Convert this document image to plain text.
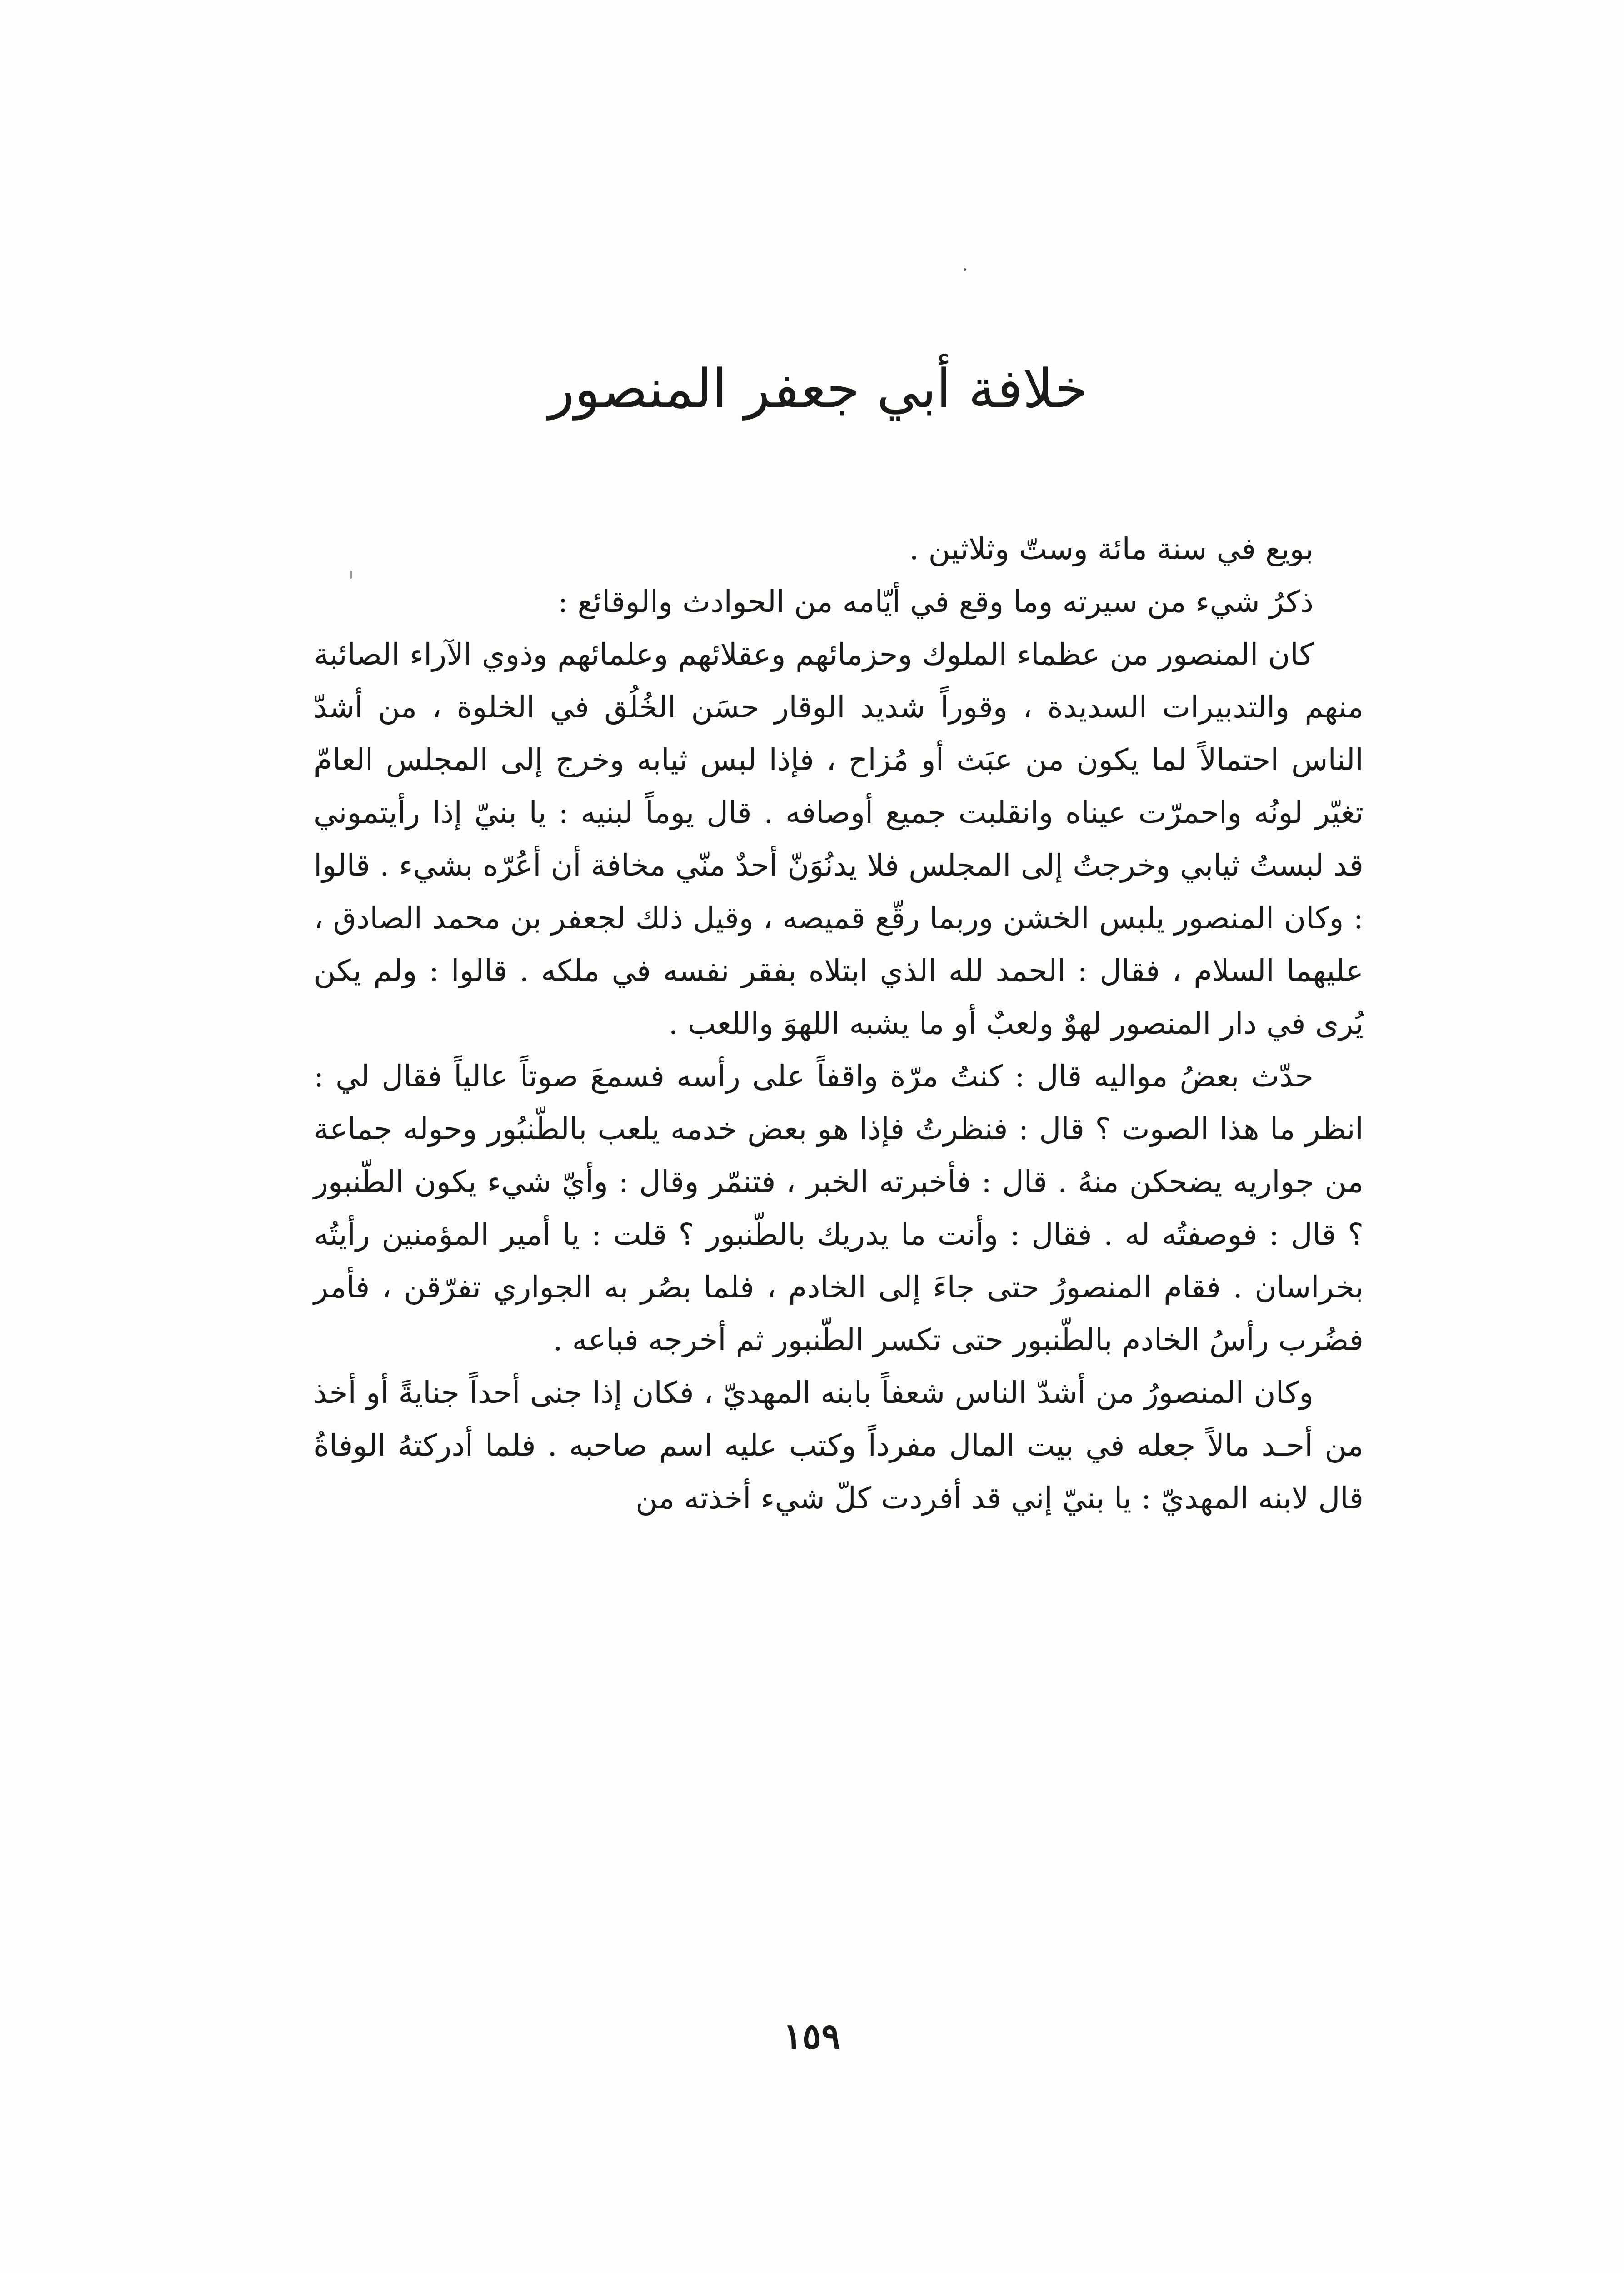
خلافة أبي جعفر المنصور

بويع في سنة مائة وستّ وثلاثين .

ذكرُ شيء من سيرته وما وقع في أيّامه من الحوادث والوقائع :

كان المنصور من عظماء الملوك وحزمائهم وعقلائهم وعلمائهم وذوي الآراء الصائبة منهم والتدبيرات السديدة ، وقوراً شديد الوقار حسَن الخُلُق في الخلوة ، من أشدّ الناس احتمالاً لما يكون من عبَث أو مُزاح ، فإذا لبس ثيابه وخرج إلى المجلس العامّ تغيّر لونُه واحمرّت عيناه وانقلبت جميع أوصافه . قال يوماً لبنيه : يا بنيّ إذا رأيتموني قد لبستُ ثيابي وخرجتُ إلى المجلس فلا يدنُوَنّ أحدٌ منّي مخافة أن أعُرّه بشيء . قالوا : وكان المنصور يلبس الخشن وربما رقّع قميصه ، وقيل ذلك لجعفر بن محمد الصادق ، عليهما السلام ، فقال : الحمد لله الذي ابتلاه بفقر نفسه في ملكه . قالوا : ولم يكن يُرى في دار المنصور لهوٌ ولعبٌ أو ما يشبه اللهوَ واللعب .

حدّث بعضُ مواليه قال : كنتُ مرّة واقفاً على رأسه فسمعَ صوتاً عالياً فقال لي : انظر ما هذا الصوت ؟ قال : فنظرتُ فإذا هو بعض خدمه يلعب بالطّنبُور وحوله جماعة من جواريه يضحكن منهُ . قال : فأخبرته الخبر ، فتنمّر وقال : وأيّ شيء يكون الطّنبور ؟ قال : فوصفتُه له . فقال : وأنت ما يدريك بالطّنبور ؟ قلت : يا أمير المؤمنين رأيتُه بخراسان . فقام المنصورُ حتى جاءَ إلى الخادم ، فلما بصُر به الجواري تفرّقن ، فأمر فضُرب رأسُ الخادم بالطّنبور حتى تكسر الطّنبور ثم أخرجه فباعه .

وكان المنصورُ من أشدّ الناس شعفاً بابنه المهديّ ، فكان إذا جنى أحداً جنايةً أو أخذ من أحـد مالاً جعله في بيت المال مفرداً وكتب عليه اسم صاحبه . فلما أدركتهُ الوفاةُ قال لابنه المهديّ : يا بنيّ إني قد أفردت كلّ شيء أخذته من

١٥٩
